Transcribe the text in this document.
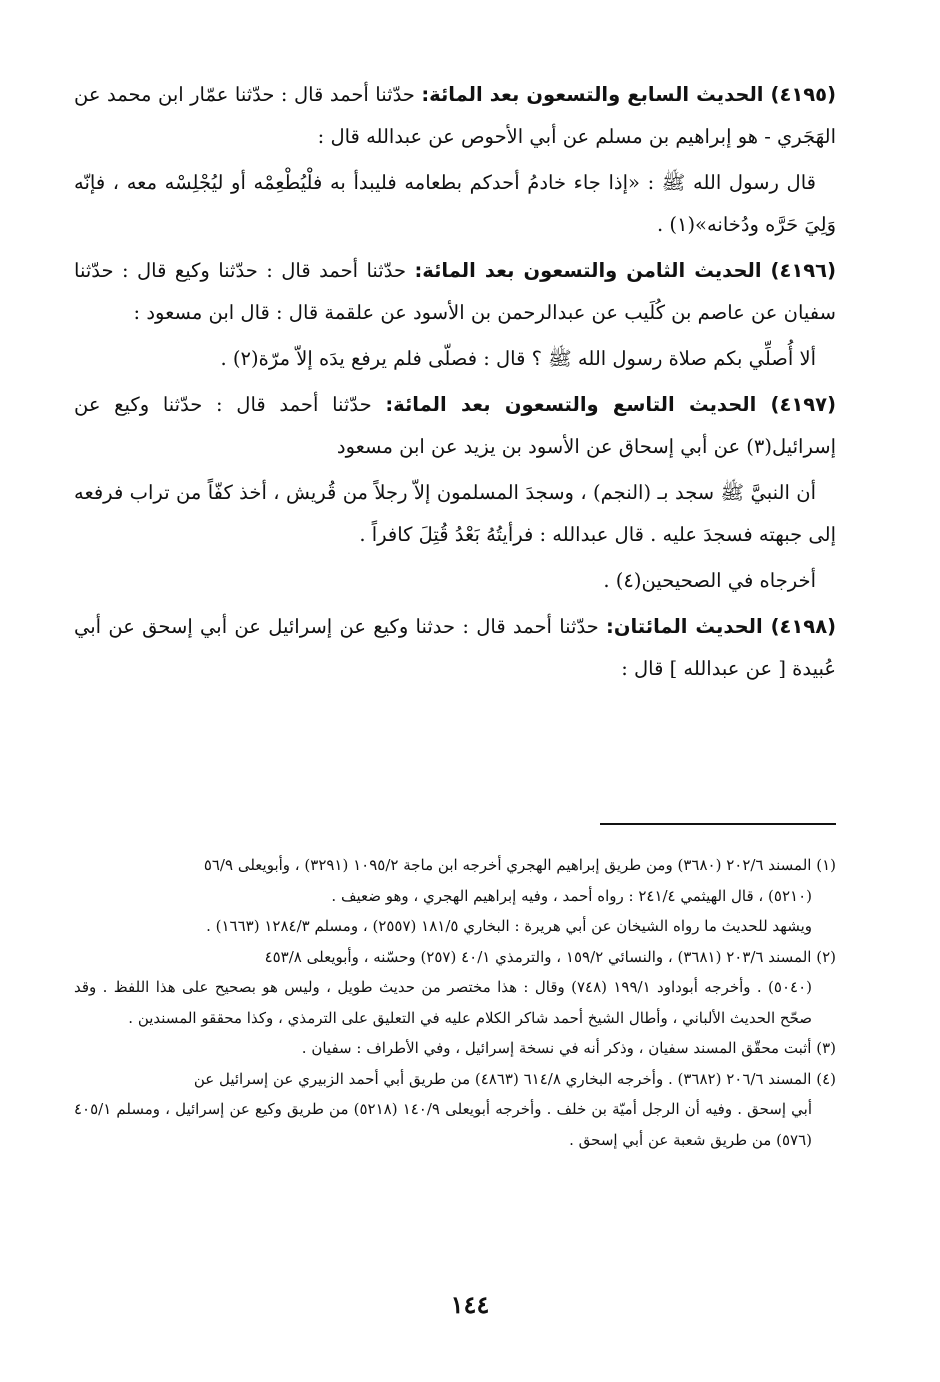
(٤١٩٥) الحديث السابع والتسعون بعد المائة: حدّثنا أحمد قال : حدّثنا عمّار ابن محمد عن الهَجَري - هو إبراهيم بن مسلم عن أبي الأحوص عن عبدالله قال :

قال رسول الله ﷺ : «إذا جاء خادمُ أحدكم بطعامه فليبدأ به فلْيُطْعِمْه أو ليُجْلِسْه معه ، فإنّه وَلِيَ حَرَّه ودُخانه»(١) .

(٤١٩٦) الحديث الثامن والتسعون بعد المائة: حدّثنا أحمد قال : حدّثنا وكيع قال : حدّثنا سفيان عن عاصم بن كُلَيب عن عبدالرحمن بن الأسود عن علقمة قال : قال ابن مسعود :

ألا أُصلِّي بكم صلاة رسول الله ﷺ ؟ قال : فصلّى فلم يرفع يدَه إلاّ مرّة(٢) .

(٤١٩٧) الحديث التاسع والتسعون بعد المائة: حدّثنا أحمد قال : حدّثنا وكيع عن إسرائيل(٣) عن أبي إسحاق عن الأسود بن يزيد عن ابن مسعود

أن النبيَّ ﷺ سجد بـ (النجم) ، وسجدَ المسلمون إلاّ رجلاً من قُريش ، أخذ كفّاً من تراب فرفعه إلى جبهته فسجدَ عليه . قال عبدالله : فرأيتُهُ بَعْدُ قُتِلَ كافراً .

أخرجاه في الصحيحين(٤) .

(٤١٩٨) الحديث المائتان: حدّثنا أحمد قال : حدثنا وكيع عن إسرائيل عن أبي إسحق عن أبي عُبيدة [ عن عبدالله ] قال :

(١) المسند ٢٠٢/٦ (٣٦٨٠) ومن طريق إبراهيم الهجري أخرجه ابن ماجة ١٠٩٥/٢ (٣٢٩١) ، وأبويعلى ٥٦/٩

(٥٢١٠) ، قال الهيثمي ٢٤١/٤ : رواه أحمد ، وفيه إبراهيم الهجري ، وهو ضعيف .

ويشهد للحديث ما رواه الشيخان عن أبي هريرة : البخاري ١٨١/٥ (٢٥٥٧) ، ومسلم ١٢٨٤/٣ (١٦٦٣) .

(٢) المسند ٢٠٣/٦ (٣٦٨١) ، والنسائي ١٥٩/٢ ، والترمذي ٤٠/١ (٢٥٧) وحسّنه ، وأبويعلى ٤٥٣/٨

(٥٠٤٠) . وأخرجه أبوداود ١٩٩/١ (٧٤٨) وقال : هذا مختصر من حديث طويل ، وليس هو بصحيح على هذا اللفظ . وقد صحّح الحديث الألباني ، وأطال الشيخ أحمد شاكر الكلام عليه في التعليق على الترمذي ، وكذا محققو المسندين .

(٣) أثبت محقّق المسند سفيان ، وذكر أنه في نسخة إسرائيل ، وفي الأطراف : سفيان .

(٤) المسند ٢٠٦/٦ (٣٦٨٢) . وأخرجه البخاري ٦١٤/٨ (٤٨٦٣) من طريق أبي أحمد الزبيري عن إسرائيل عن

أبي إسحق . وفيه أن الرجل أميّة بن خلف . وأخرجه أبويعلى ١٤٠/٩ (٥٢١٨) من طريق وكيع عن إسرائيل ، ومسلم ٤٠٥/١ (٥٧٦) من طريق شعبة عن أبي إسحق .

١٤٤
